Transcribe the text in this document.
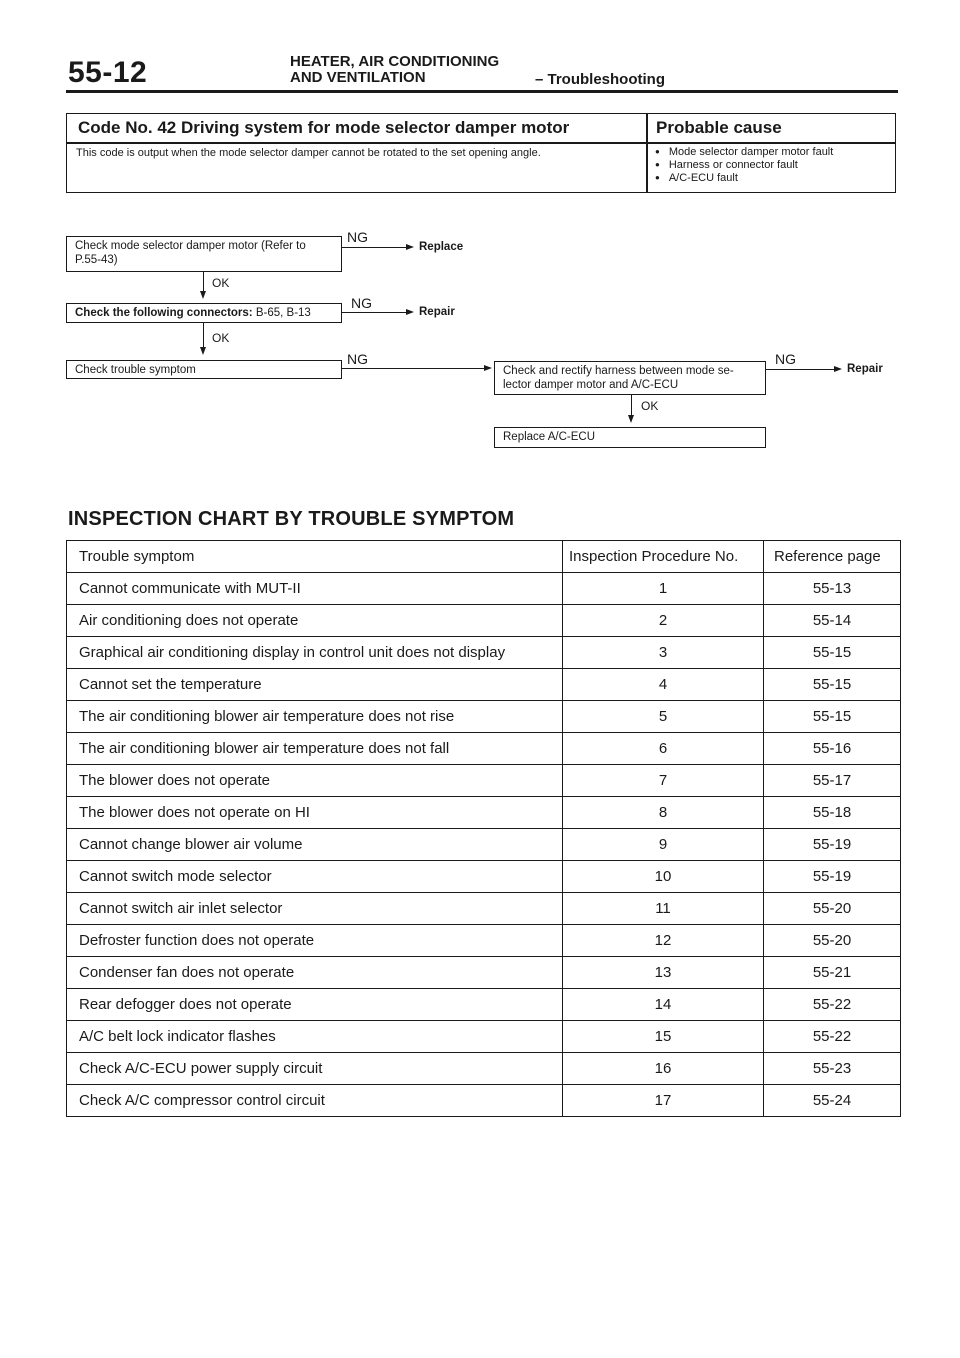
55-12	HEATER, AIR CONDITIONING
AND VENTILATION	– Troubleshooting
Code No. 42 Driving system for mode selector damper motor	Probable cause
This code is output when the mode selector damper cannot be rotated to the set opening angle.	● Mode selector damper motor fault
● Harness or connector fault
● A/C-ECU fault
Check mode selector damper motor (Refer to
P.55-43)
NG
Replace
OK
Check the following connectors: B-65, B-13
NG
Repair
OK
Check trouble symptom
NG
Check and rectify harness between mode se-
lector damper motor and A/C-ECU
NG
Repair
OK
Replace A/C-ECU
INSPECTION CHART BY TROUBLE SYMPTOM
Trouble symptom	Inspection Procedure No.	Reference page
Cannot communicate with MUT-II	1	55-13
Air conditioning does not operate	2	55-14
Graphical air conditioning display in control unit does not display	3	55-15
Cannot set the temperature	4	55-15
The air conditioning blower air temperature does not rise	5	55-15
The air conditioning blower air temperature does not fall	6	55-16
The blower does not operate	7	55-17
The blower does not operate on HI	8	55-18
Cannot change blower air volume	9	55-19
Cannot switch mode selector	10	55-19
Cannot switch air inlet selector	11	55-20
Defroster function does not operate	12	55-20
Condenser fan does not operate	13	55-21
Rear defogger does not operate	14	55-22
A/C belt lock indicator flashes	15	55-22
Check A/C-ECU power supply circuit	16	55-23
Check A/C compressor control circuit	17	55-24
